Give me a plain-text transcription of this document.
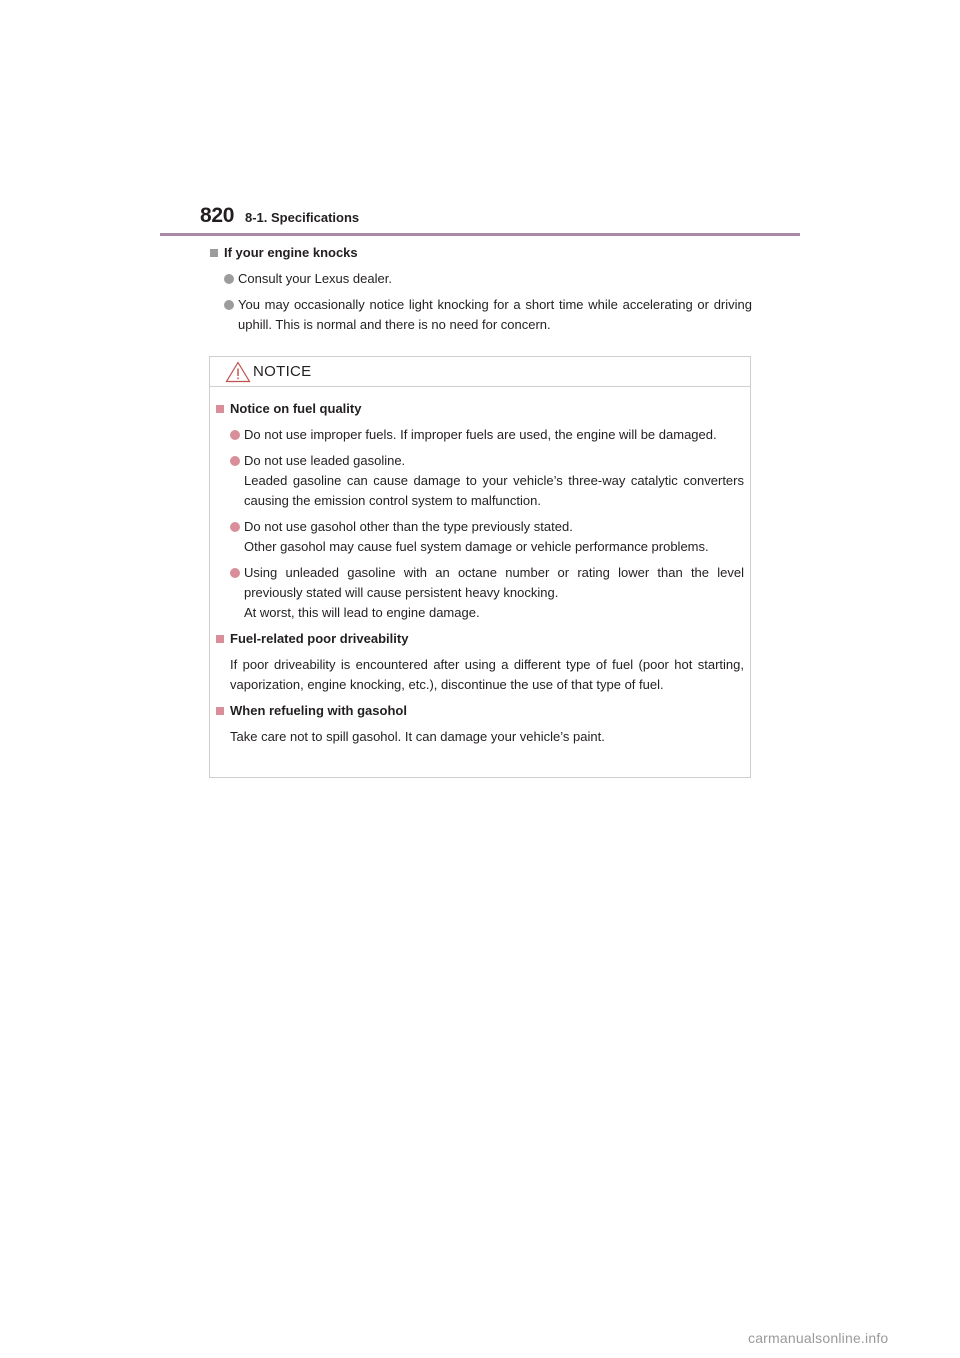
820 8-1. Specifications
If your engine knocks
Consult your Lexus dealer.
You may occasionally notice light knocking for a short time while accelerating or driving uphill. This is normal and there is no need for concern.
NOTICE
Notice on fuel quality
Do not use improper fuels. If improper fuels are used, the engine will be damaged.
Do not use leaded gasoline.
Leaded gasoline can cause damage to your vehicle’s three-way catalytic converters causing the emission control system to malfunction.
Do not use gasohol other than the type previously stated.
Other gasohol may cause fuel system damage or vehicle performance problems.
Using unleaded gasoline with an octane number or rating lower than the level previously stated will cause persistent heavy knocking.
At worst, this will lead to engine damage.
Fuel-related poor driveability
If poor driveability is encountered after using a different type of fuel (poor hot starting, vaporization, engine knocking, etc.), discontinue the use of that type of fuel.
When refueling with gasohol
Take care not to spill gasohol. It can damage your vehicle’s paint.
carmanualsonline.info
